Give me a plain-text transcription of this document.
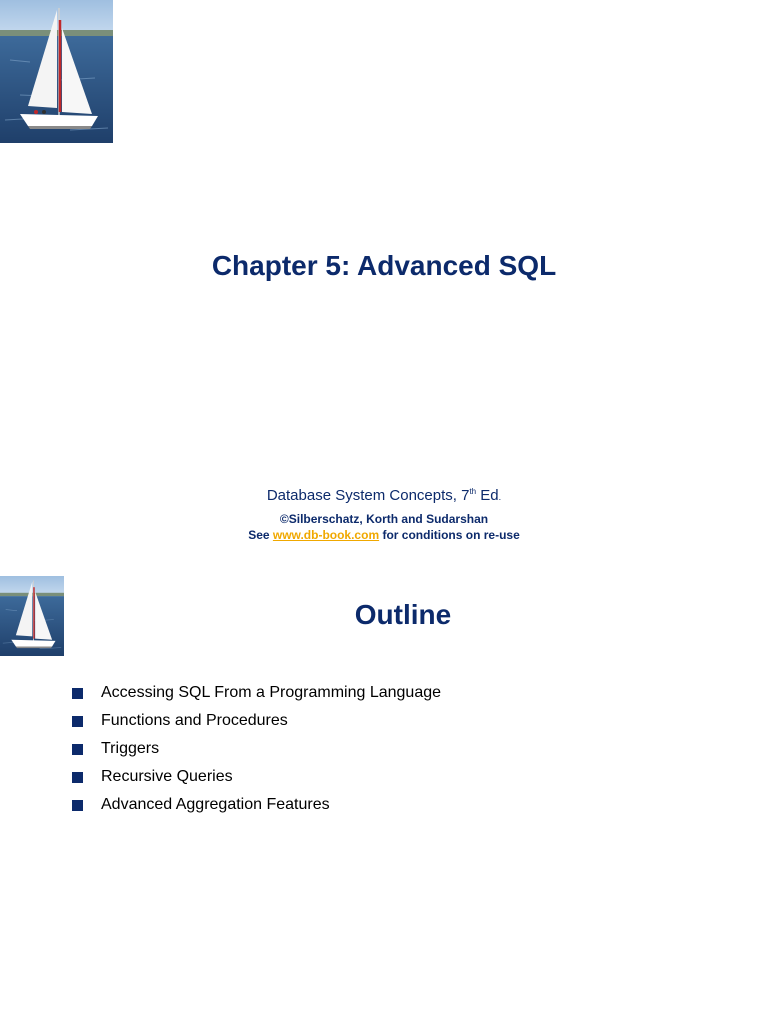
Chapter 5: Advanced SQL

Database System Concepts, 7th Ed.

©Silberschatz, Korth and Sudarshan

See www.db-book.com for conditions on re-use

Outline
Accessing SQL From a Programming Language
Functions and Procedures
Triggers
Recursive Queries
Advanced Aggregation Features
